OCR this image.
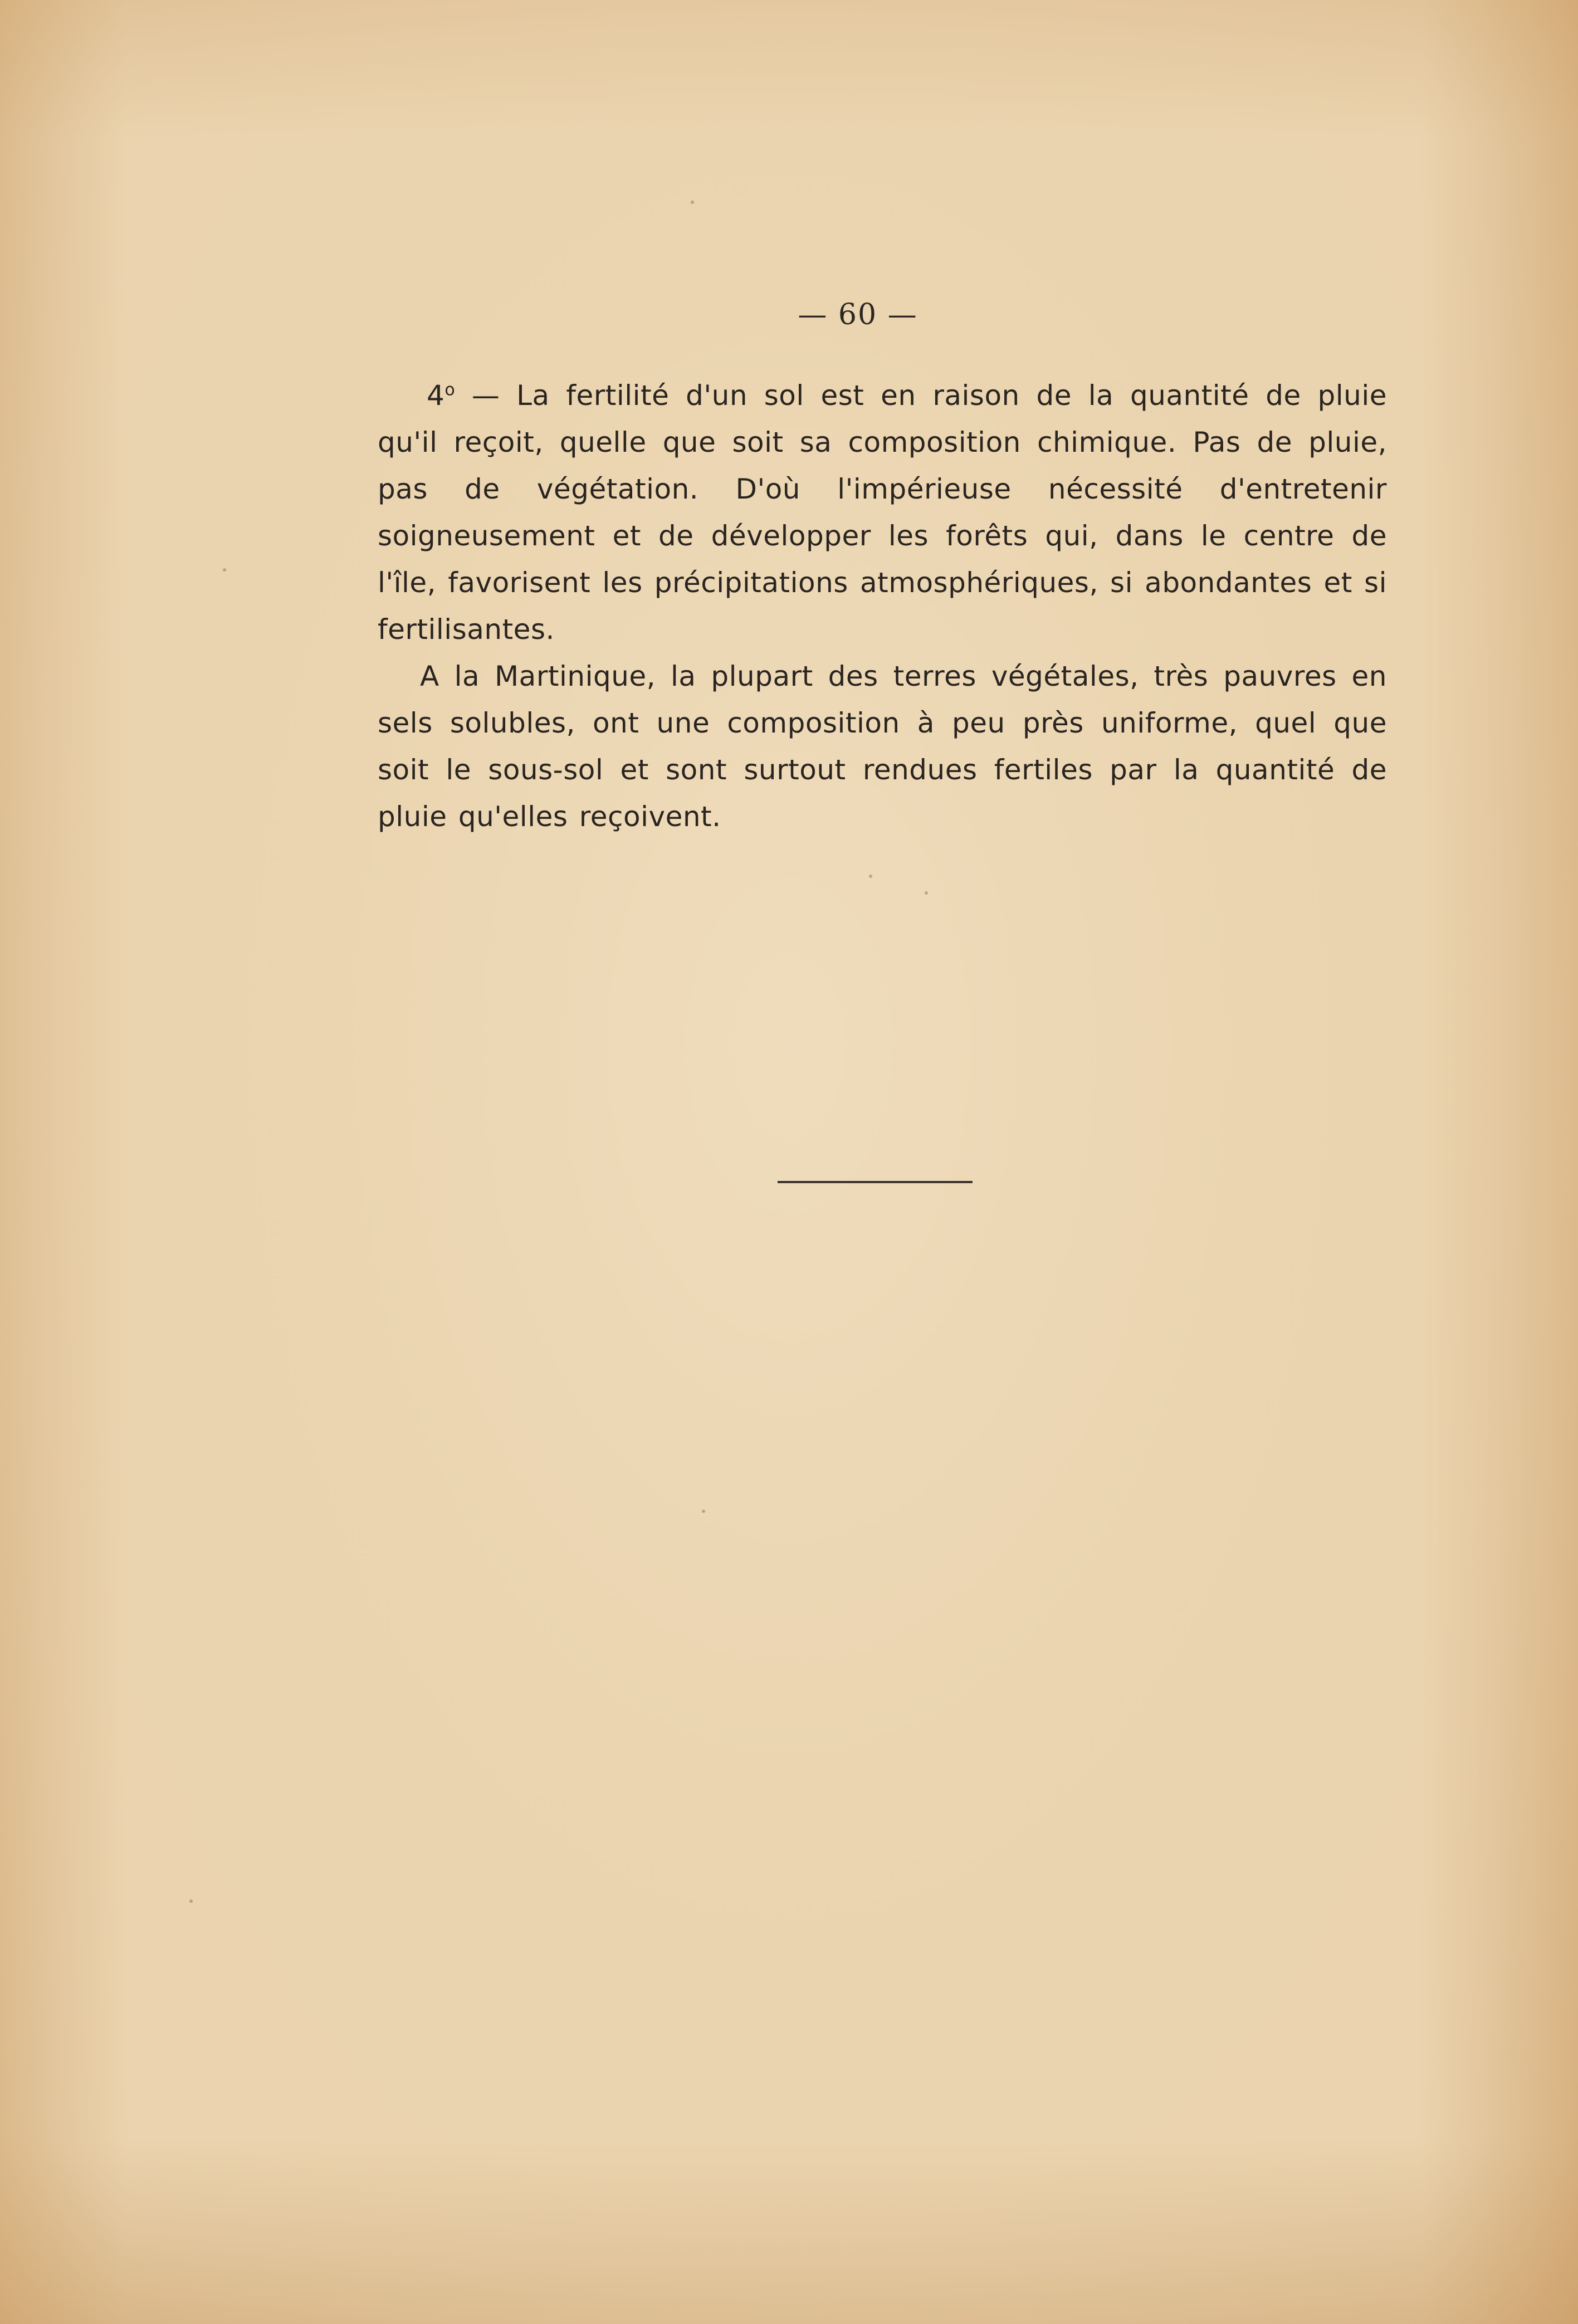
— 60 —

4$^o$ — La fertilité d'un sol est en raison de la quantité de pluie qu'il reçoit, quelle que soit sa composition chimique. Pas de pluie, pas de végétation. D'où l'impérieuse nécessité d'entretenir soigneusement et de développer les forêts qui, dans le centre de l'île, favorisent les précipitations atmosphériques, si abondantes et si fertilisantes.

A la Martinique, la plupart des terres végétales, très pauvres en sels solubles, ont une composition à peu près uniforme, quel que soit le sous-sol et sont surtout rendues fertiles par la quantité de pluie qu'elles reçoivent.
